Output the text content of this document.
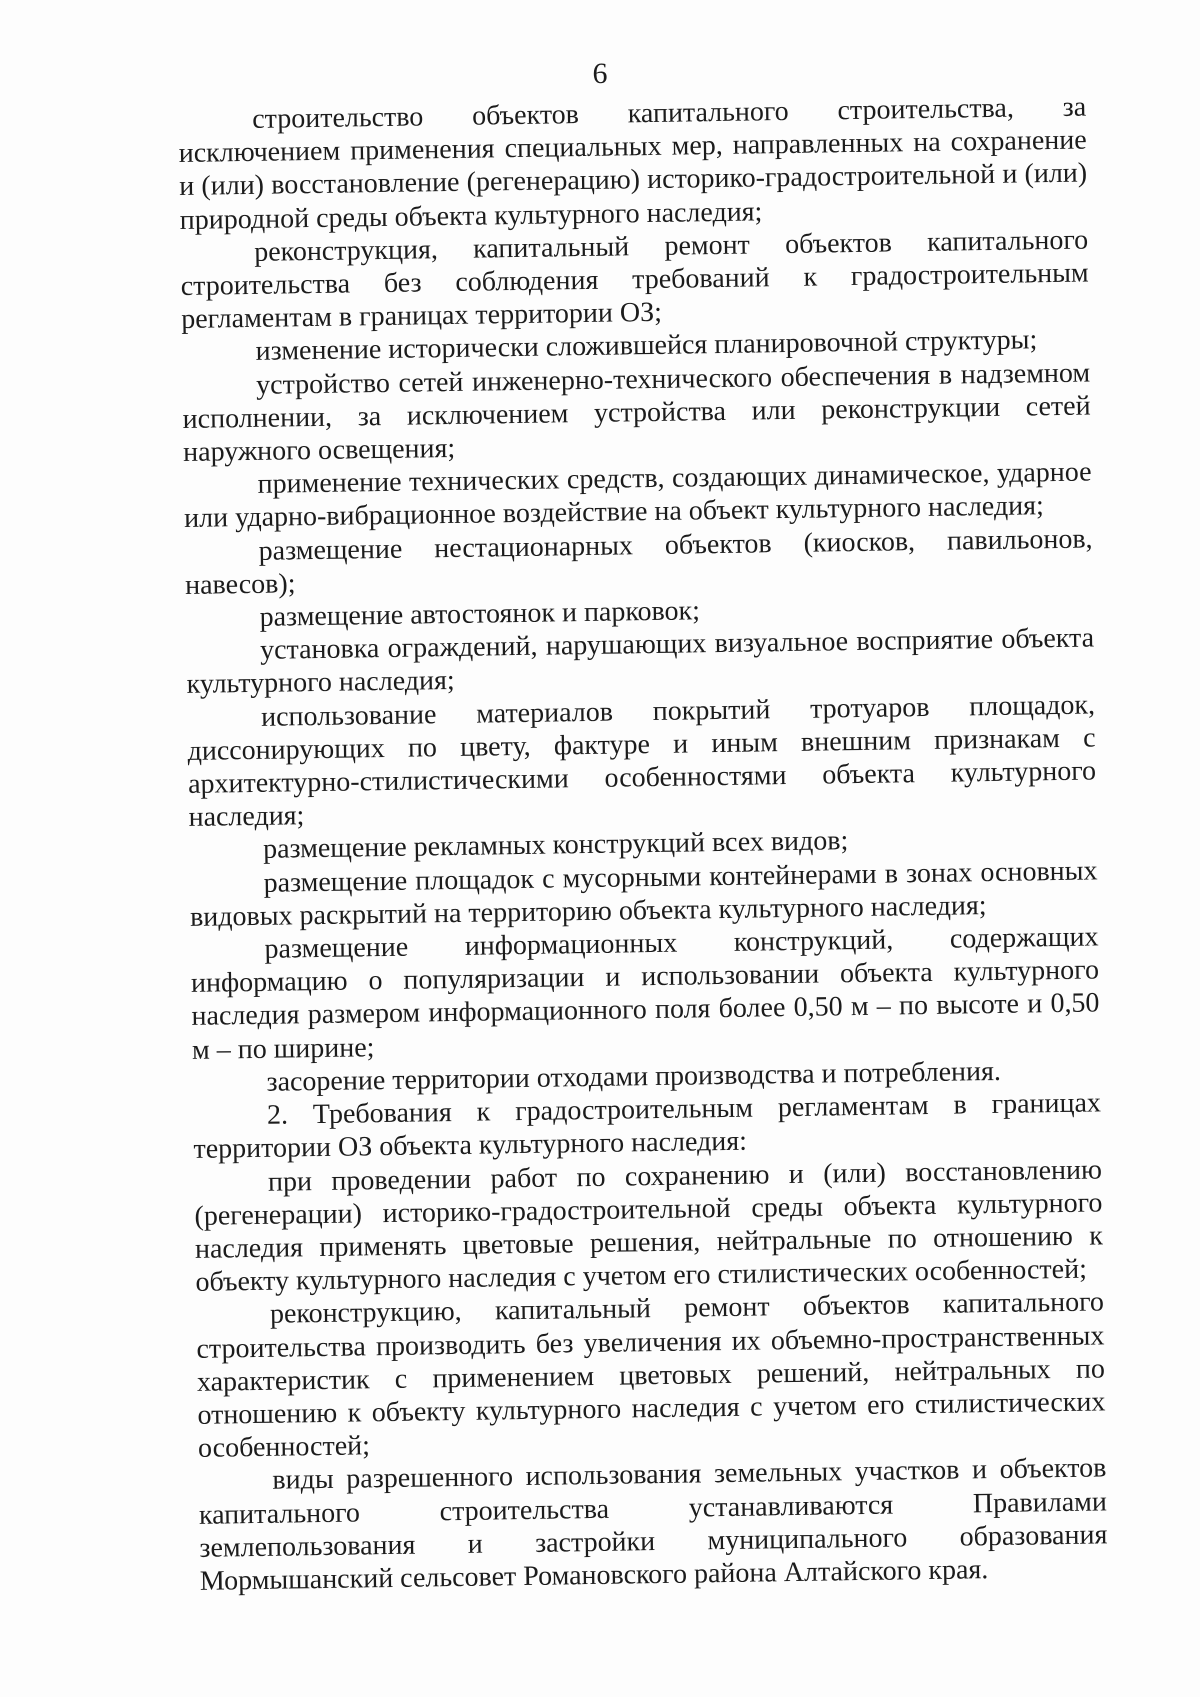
6

строительство объектов капитального строительства, за исключением применения специальных мер, направленных на сохранение и (или) восстановление (регенерацию) историко-градостроительной и (или) природной среды объекта культурного наследия;

реконструкция, капитальный ремонт объектов капитального строительства без соблюдения требований к градостроительным регламентам в границах территории ОЗ;

изменение исторически сложившейся планировочной структуры;

устройство сетей инженерно-технического обеспечения в надземном исполнении, за исключением устройства или реконструкции сетей наружного освещения;

применение технических средств, создающих динамическое, ударное или ударно-вибрационное воздействие на объект культурного наследия;

размещение нестационарных объектов (киосков, павильонов, навесов);

размещение автостоянок и парковок;

установка ограждений, нарушающих визуальное восприятие объекта культурного наследия;

использование материалов покрытий тротуаров площадок, диссонирующих по цвету, фактуре и иным внешним признакам с архитектурно-стилистическими особенностями объекта культурного наследия;

размещение рекламных конструкций всех видов;

размещение площадок с мусорными контейнерами в зонах основных видовых раскрытий на территорию объекта культурного наследия;

размещение информационных конструкций, содержащих информацию о популяризации и использовании объекта культурного наследия размером информационного поля более 0,50 м – по высоте и 0,50 м – по ширине;

засорение территории отходами производства и потребления.

2. Требования к градостроительным регламентам в границах территории ОЗ объекта культурного наследия:

при проведении работ по сохранению и (или) восстановлению (регенерации) историко-градостроительной среды объекта культурного наследия применять цветовые решения, нейтральные по отношению к объекту культурного наследия с учетом его стилистических особенностей;

реконструкцию, капитальный ремонт объектов капитального строительства производить без увеличения их объемно-пространственных характеристик с применением цветовых решений, нейтральных по отношению к объекту культурного наследия с учетом его стилистических особенностей;

виды разрешенного использования земельных участков и объектов капитального строительства устанавливаются Правилами землепользования и застройки муниципального образования Мормышанский сельсовет Романовского района Алтайского края.
